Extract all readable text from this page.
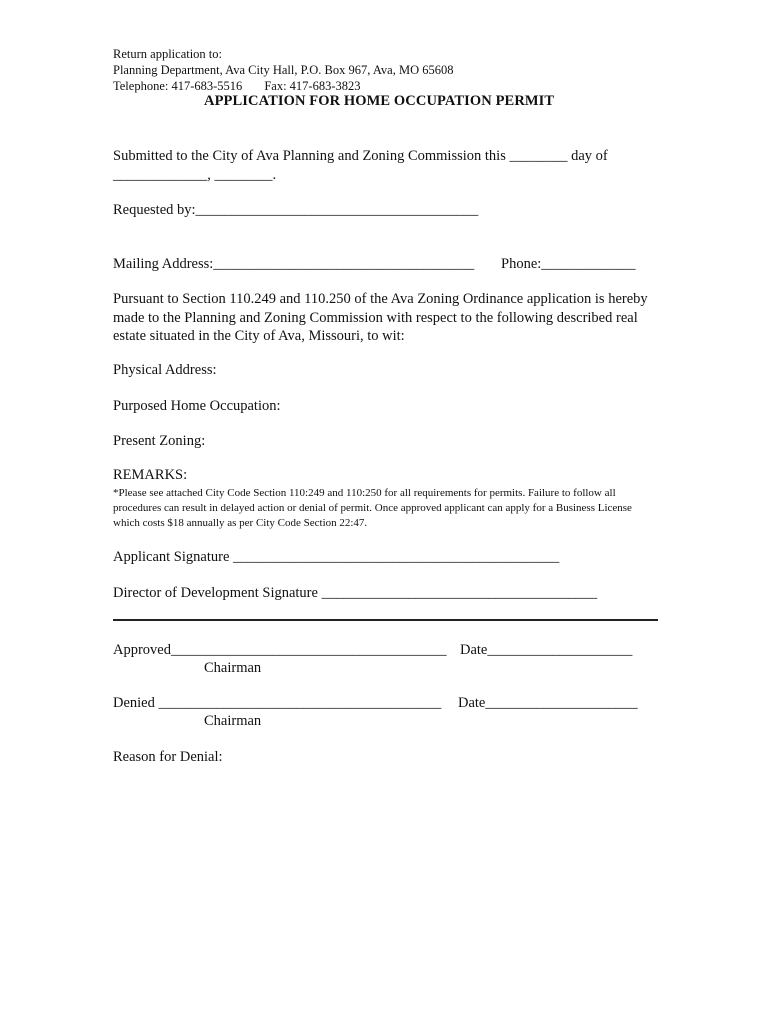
Return application to:
Planning Department, Ava City Hall, P.O. Box 967, Ava, MO 65608
Telephone: 417-683-5516 Fax: 417-683-3823
APPLICATION FOR HOME OCCUPATION PERMIT
Submitted to the City of Ava Planning and Zoning Commission this ________ day of
_____________, ________.
Requested by:_______________________________________
Mailing Address:____________________________________ Phone:_____________
Pursuant to Section 110.249 and 110.250 of the Ava Zoning Ordinance application is hereby made to the Planning and Zoning Commission with respect to the following described real estate situated in the City of Ava, Missouri, to wit:
Physical Address:
Purposed Home Occupation:
Present Zoning:
REMARKS:
*Please see attached City Code Section 110:249 and 110:250 for all requirements for permits. Failure to follow all procedures can result in delayed action or denial of permit. Once approved applicant can apply for a Business License which costs $18 annually as per City Code Section 22:47.
Applicant Signature _____________________________________________
Director of Development Signature ______________________________________
Approved______________________________________ Date____________________
Chairman
Denied _______________________________________ Date_____________________
Chairman
Reason for Denial:
